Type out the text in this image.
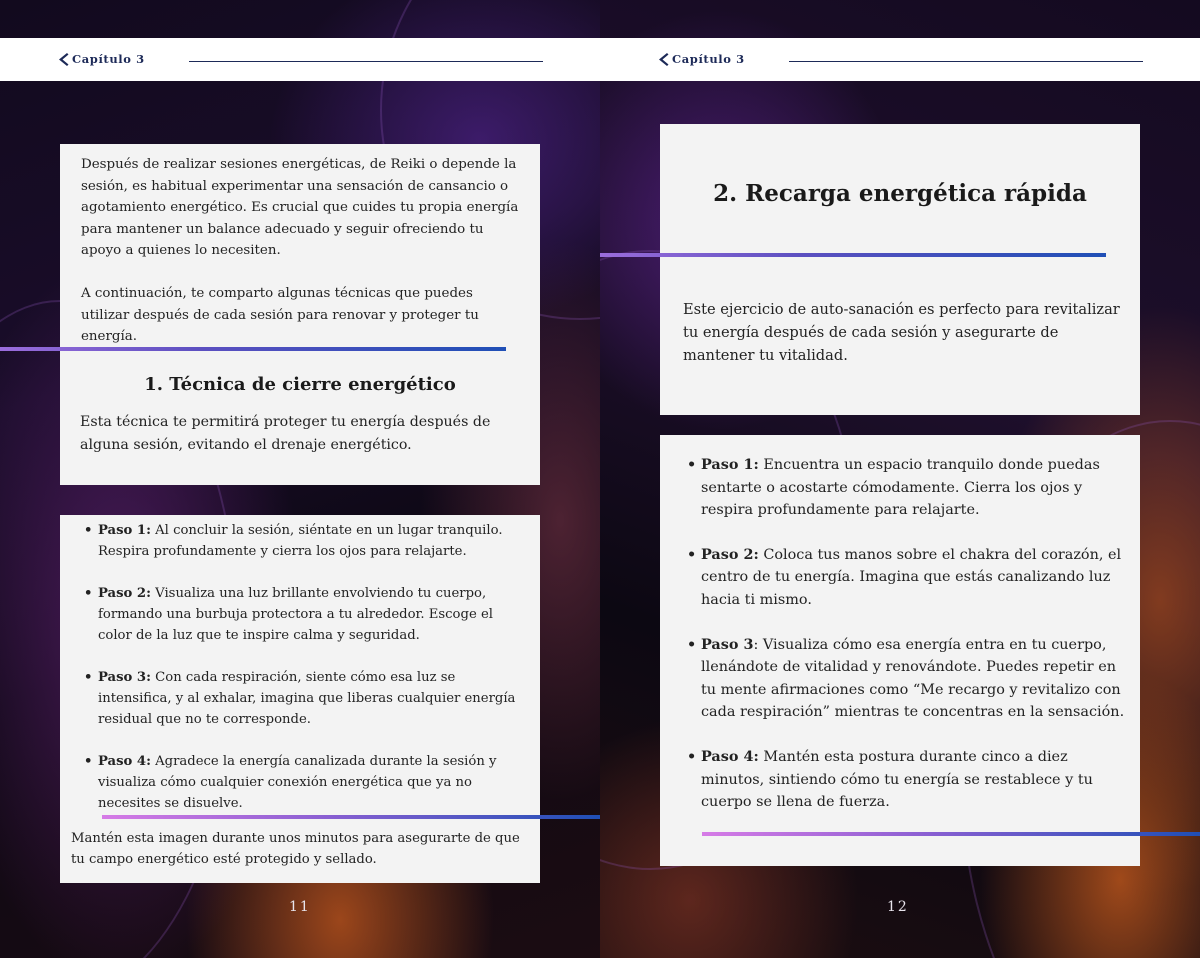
Capítulo 3

Después de realizar sesiones energéticas, de Reiki o depende la sesión, es habitual experimentar una sensación de cansancio o agotamiento energético. Es crucial que cuides tu propia energía para mantener un balance adecuado y seguir ofreciendo tu apoyo a quienes lo necesiten.

A continuación, te comparto algunas técnicas que puedes utilizar después de cada sesión para renovar y proteger tu energía.

1. Técnica de cierre energético

Esta técnica te permitirá proteger tu energía después de alguna sesión, evitando el drenaje energético.

• Paso 1: Al concluir la sesión, siéntate en un lugar tranquilo. Respira profundamente y cierra los ojos para relajarte.
• Paso 2: Visualiza una luz brillante envolviendo tu cuerpo, formando una burbuja protectora a tu alrededor. Escoge el color de la luz que te inspire calma y seguridad.
• Paso 3: Con cada respiración, siente cómo esa luz se intensifica, y al exhalar, imagina que liberas cualquier energía residual que no te corresponde.
• Paso 4: Agradece la energía canalizada durante la sesión y visualiza cómo cualquier conexión energética que ya no necesites se disuelve.

Mantén esta imagen durante unos minutos para asegurarte de que tu campo energético esté protegido y sellado.

11
Capítulo 3
2. Recarga energética rápida

Este ejercicio de auto-sanación es perfecto para revitalizar tu energía después de cada sesión y asegurarte de mantener tu vitalidad.

• Paso 1: Encuentra un espacio tranquilo donde puedas sentarte o acostarte cómodamente. Cierra los ojos y respira profundamente para relajarte.
• Paso 2: Coloca tus manos sobre el chakra del corazón, el centro de tu energía. Imagina que estás canalizando luz hacia ti mismo.
• Paso 3: Visualiza cómo esa energía entra en tu cuerpo, llenándote de vitalidad y renovándote. Puedes repetir en tu mente afirmaciones como “Me recargo y revitalizo con cada respiración” mientras te concentras en la sensación.
• Paso 4: Mantén esta postura durante cinco a diez minutos, sintiendo cómo tu energía se restablece y tu cuerpo se llena de fuerza.
12
